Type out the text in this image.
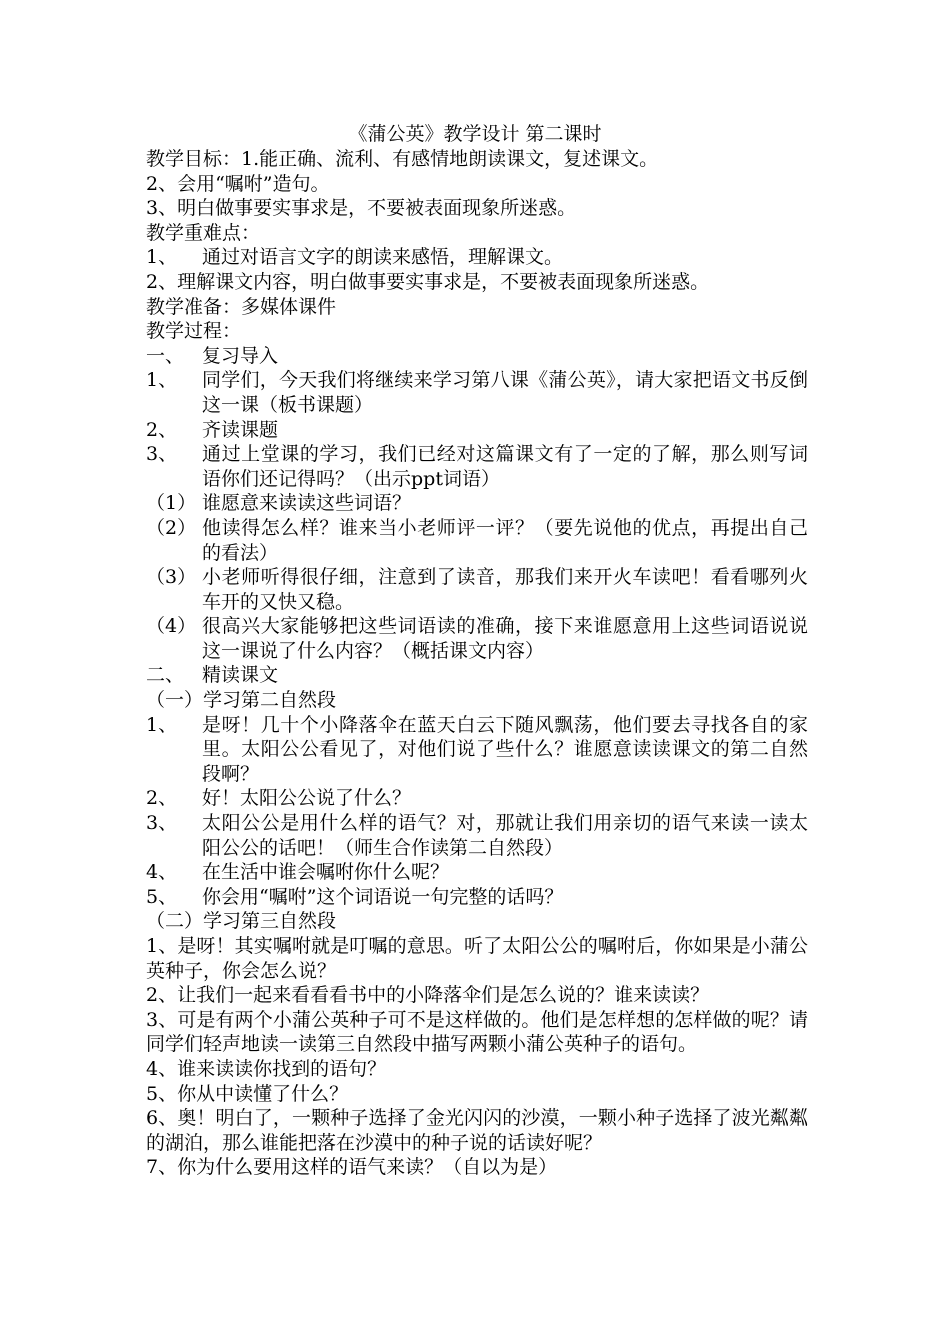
《蒲公英》教学设计 第二课时

教学目标：1.能正确、流利、有感情地朗读课文，复述课文。

2、会用“嘱咐”造句。

3、明白做事要实事求是，不要被表面现象所迷惑。

教学重难点：

1、	通过对语言文字的朗读来感悟，理解课文。

2、理解课文内容，明白做事要实事求是，不要被表面现象所迷惑。

教学准备：多媒体课件

教学过程：

一、 复习导入
1、	同学们，今天我们将继续来学习第八课《蒲公英》，请大家把语文书反倒这一课（板书课题）
2、	齐读课题
3、	通过上堂课的学习，我们已经对这篇课文有了一定的了解，那么则写词语你们还记得吗？（出示ppt词语）
（1） 谁愿意来读读这些词语？
（2） 他读得怎么样？谁来当小老师评一评？（要先说他的优点，再提出自己的看法）
（3） 小老师听得很仔细，注意到了读音，那我们来开火车读吧！看看哪列火车开的又快又稳。
（4） 很高兴大家能够把这些词语读的准确，接下来谁愿意用上这些词语说说这一课说了什么内容？（概括课文内容）
二、 精读课文

（一）学习第二自然段

1、	是呀！几十个小降落伞在蓝天白云下随风飘荡，他们要去寻找各自的家里。太阳公公看见了，对他们说了些什么？谁愿意读读课文的第二自然段啊？
2、	好！太阳公公说了什么？
3、	太阳公公是用什么样的语气？对，那就让我们用亲切的语气来读一读太阳公公的话吧！（师生合作读第二自然段）
4、	在生活中谁会嘱咐你什么呢？
5、	你会用“嘱咐”这个词语说一句完整的话吗？

（二）学习第三自然段

1、是呀！其实嘱咐就是叮嘱的意思。听了太阳公公的嘱咐后，你如果是小蒲公英种子，你会怎么说？

2、让我们一起来看看看书中的小降落伞们是怎么说的？谁来读读？

3、可是有两个小蒲公英种子可不是这样做的。他们是怎样想的怎样做的呢？请同学们轻声地读一读第三自然段中描写两颗小蒲公英种子的语句。

4、谁来读读你找到的语句？

5、你从中读懂了什么？

6、奥！明白了，一颗种子选择了金光闪闪的沙漠，一颗小种子选择了波光粼粼的湖泊，那么谁能把落在沙漠中的种子说的话读好呢？

7、你为什么要用这样的语气来读？（自以为是）
